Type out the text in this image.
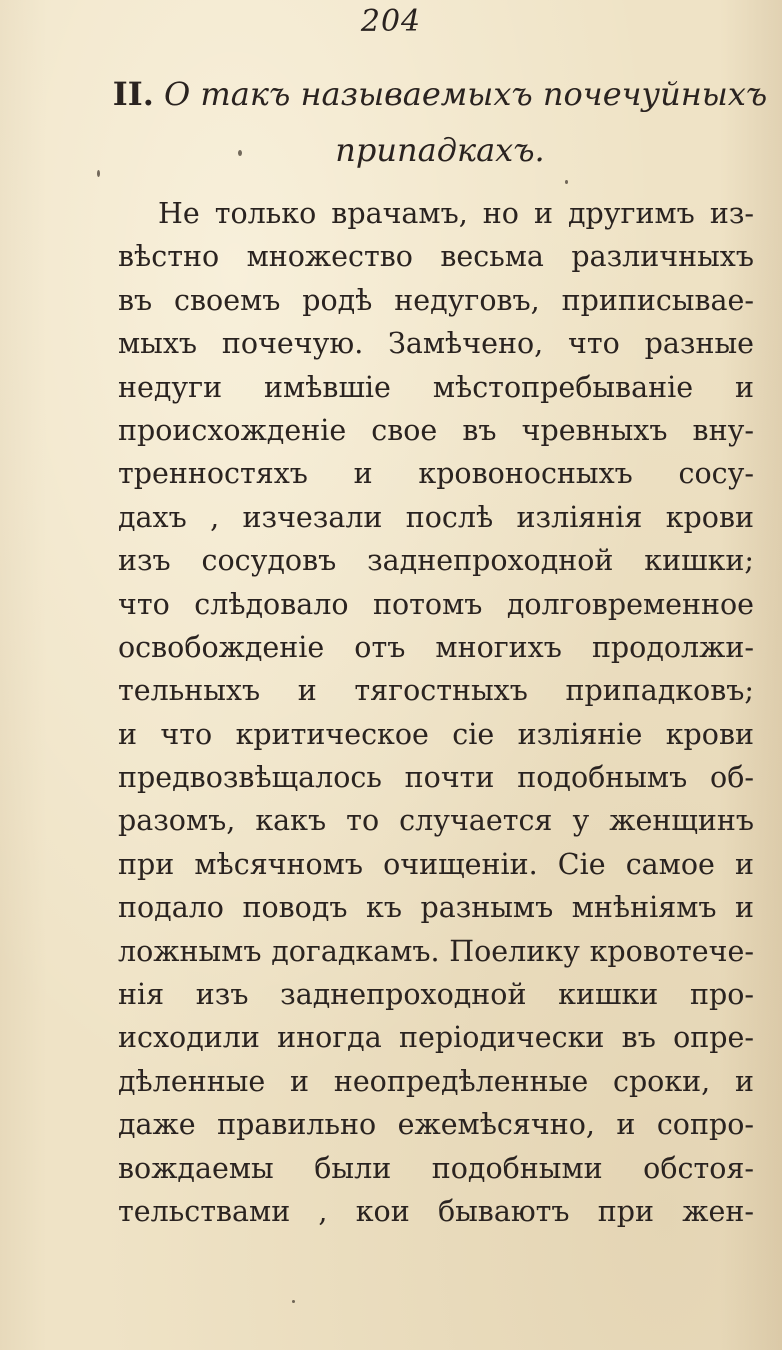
204
II. О такъ называемыхъ почечуйныхъ
припадкахъ.
Не только врачамъ, но и другимъ из-
вѣстно множество весьма различныхъ
въ своемъ родѣ недуговъ, приписывае-
мыхъ почечую. Замѣчено, что разные
недуги имѣвшіе мѣстопребываніе и
происхожденіе свое въ чревныхъ вну-
тренностяхъ и кровоносныхъ сосу-
дахъ , изчезали послѣ изліянія крови
изъ сосудовъ заднепроходной кишки;
что слѣдовало потомъ долговременное
освобожденіе отъ многихъ продолжи-
тельныхъ и тягостныхъ припадковъ;
и что критическое сіе изліяніе крови
предвозвѣщалось почти подобнымъ об-
разомъ, какъ то случается у женщинъ
при мѣсячномъ очищеніи. Сіе самое и
подало поводъ къ разнымъ мнѣніямъ и
ложнымъ догадкамъ. Поелику кровотече-
нія изъ заднепроходной кишки про-
исходили иногда періодически въ опре-
дѣленные и неопредѣленные сроки, и
даже правильно ежемѣсячно, и сопро-
вождаемы были подобными обстоя-
тельствами , кои бываютъ при жен-
